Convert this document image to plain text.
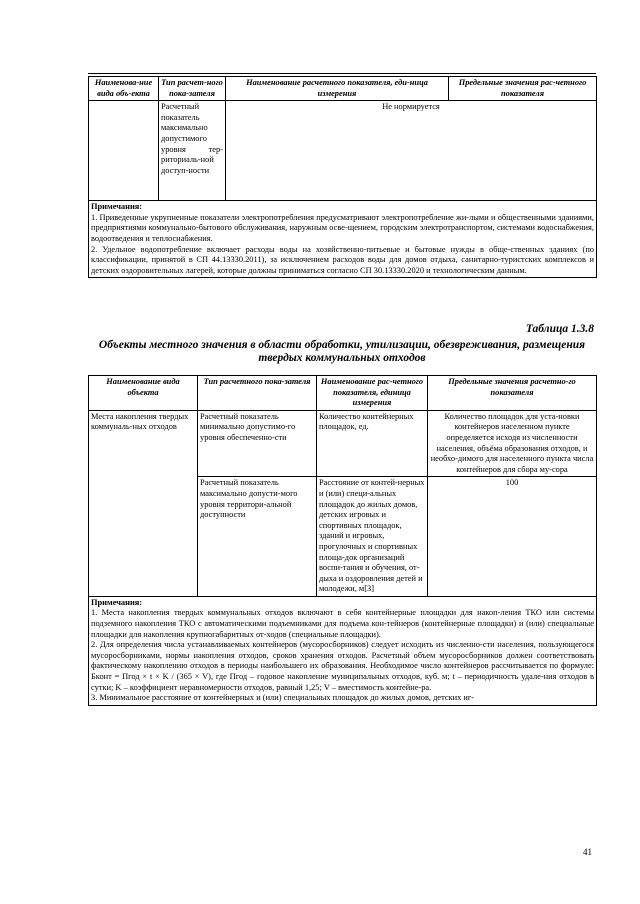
Наименова-ние вида объ-екта	Тип расчет-ного пока-зателя	Наименование расчетного показателя, еди-ница измерения	Предельные значения рас-четного показателя
	Расчетный показатель максимально допустимого уровня тер-риториаль-ной доступ-ности	Не нормируется	

Примечания:

1. Приведенные укрупненные показатели электропотребления предусматривают электропотребление жи-лыми и общественными зданиями, предприятиями коммунально-бытового обслуживания, наружным осве-щением, городским электротранспортом, системами водоснабжения, водоотведения и теплоснабжения.

2. Удельное водопотребление включает расходы воды на хозяйственно-питьевые и бытовые нужды в обще-ственных зданиях (по классификации, принятой в СП 44.13330.2011), за исключением расходов воды для домов отдыха, санитарно-туристских комплексов и детских оздоровительных лагерей, которые должны приниматься согласно СП 30.13330.2020 и технологическим данным.			

Таблица 1.3.8
Объекты местного значения в области обработки, утилизации, обезвреживания, размещения твердых коммунальных отходов
Наименование вида объекта	Тип расчетного пока-зателя	Наименование рас-четного показателя, единица измерения	Предельные значения расчетно-го показателя
Места накопления твердых коммуналь-ных отходов	Расчетный показатель минимально допустимо-го уровня обеспеченно-сти	Количество контейнерных площадок, ед.	Количество площадок для уста-новки контейнеров населенном пункте определяется исходя из численности населения, объёма образования отходов, и необхо-димого для населенного пункта числа контейнеров для сбора му-сора
	Расчетный показатель максимально допусти-мого уровня территори-альной доступности	Расстояние от контей-нерных и (или) специ-альных площадок до жилых домов, детских игровых и спортивных площадок, зданий и игровых, прогулочных и спортивных площа-док организаций воспи-тания и обучения, от-дыха и оздоровления детей и молодежи, м[3]	100

Примечания:

1. Места накопления твердых коммунальных отходов включают в себя контейнерные площадки для накоп-ления ТКО или системы подземного накопления ТКО с автоматическими подъемниками для подъема кон-тейнеров (контейнерные площадки) и (или) специальные площадки для накопления крупногабаритных от-ходов (специальные площадки).

2. Для определения числа устанавливаемых контейнеров (мусоросборников) следует исходить из численно-сти населения, пользующегося мусоросборниками, нормы накопления отходов, сроков хранения отходов. Расчетный объем мусоросборников должен соответствовать фактическому накоплению отходов в периоды наибольшего их образования. Необходимое число контейнеров рассчитывается по формуле: Бконт = Пгод × t × K / (365 × V), где Пгод – годовое накопление муниципальных отходов, куб. м; t – периодичность удале-ния отходов в сутки; K – коэффициент неравномерности отходов, равный 1,25; V – вместимость контейне-ра.

3. Минимальное расстояние от контейнерных и (или) специальных площадок до жилых домов, детских иг-			

41
